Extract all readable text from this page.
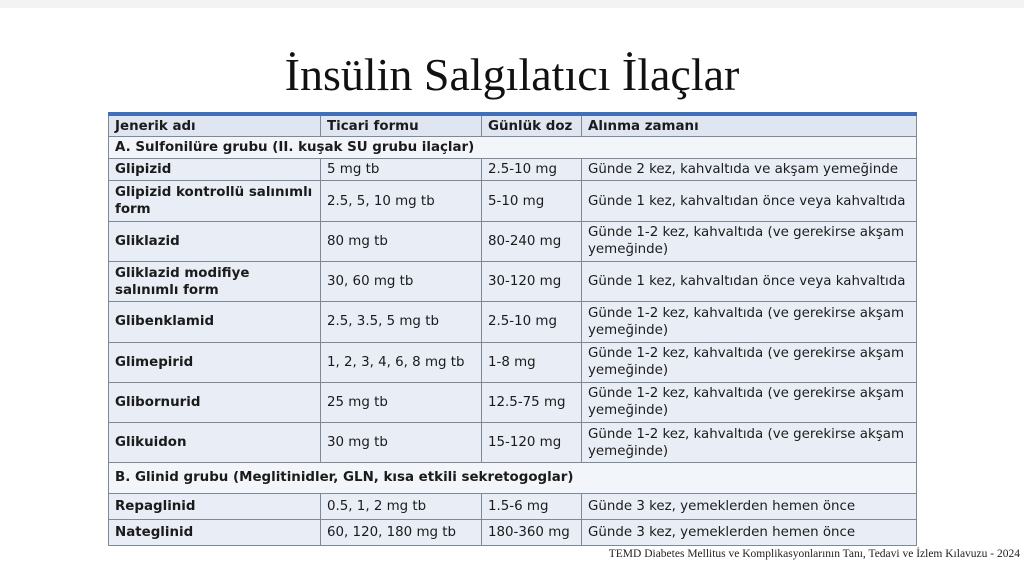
İnsülin Salgılatıcı İlaçlar
Jenerik adı	Ticari formu	Günlük doz	Alınma zamanı
A. Sulfonilüre grubu (II. kuşak SU grubu ilaçlar)			
Glipizid	5 mg tb	2.5-10 mg	Günde 2 kez, kahvaltıda ve akşam yemeğinde
Glipizid kontrollü salınımlı form	2.5, 5, 10 mg tb	5-10 mg	Günde 1 kez, kahvaltıdan önce veya kahvaltıda
Gliklazid	80 mg tb	80-240 mg	Günde 1-2 kez, kahvaltıda (ve gerekirse akşam yemeğinde)
Gliklazid modifiye salınımlı form	30, 60 mg tb	30-120 mg	Günde 1 kez, kahvaltıdan önce veya kahvaltıda
Glibenklamid	2.5, 3.5, 5 mg tb	2.5-10 mg	Günde 1-2 kez, kahvaltıda (ve gerekirse akşam yemeğinde)
Glimepirid	1, 2, 3, 4, 6, 8 mg tb	1-8 mg	Günde 1-2 kez, kahvaltıda (ve gerekirse akşam yemeğinde)
Glibornurid	25 mg tb	12.5-75 mg	Günde 1-2 kez, kahvaltıda (ve gerekirse akşam yemeğinde)
Glikuidon	30 mg tb	15-120 mg	Günde 1-2 kez, kahvaltıda (ve gerekirse akşam yemeğinde)
B. Glinid grubu (Meglitinidler, GLN, kısa etkili sekretogoglar)			
Repaglinid	0.5, 1, 2 mg tb	1.5-6 mg	Günde 3 kez, yemeklerden hemen önce
Nateglinid	60, 120, 180 mg tb	180-360 mg	Günde 3 kez, yemeklerden hemen önce
TEMD Diabetes Mellitus ve Komplikasyonlarının Tanı, Tedavi ve İzlem Kılavuzu - 2024
